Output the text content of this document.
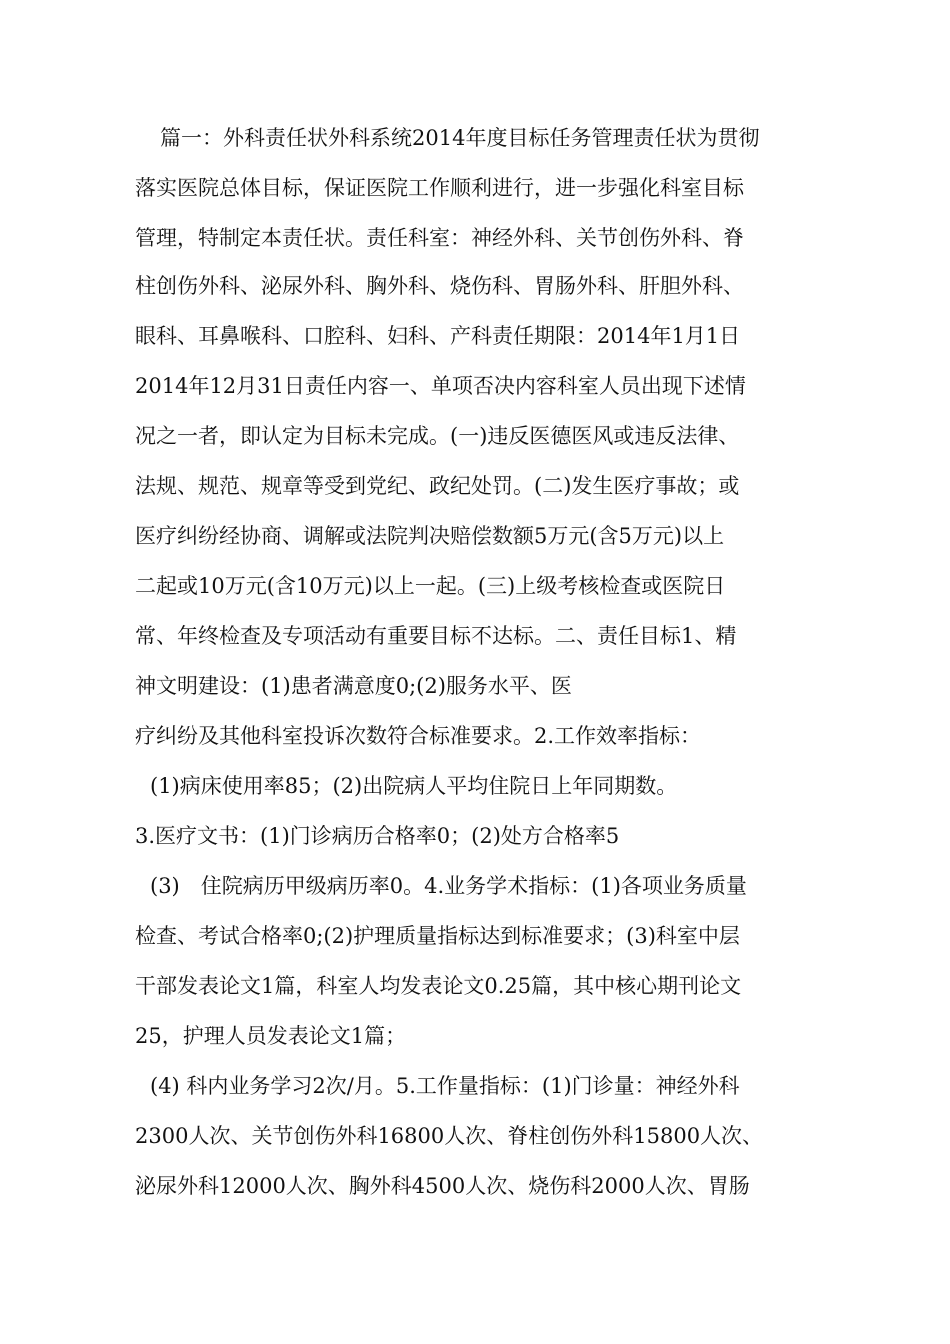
篇一：外科责任状外科系统2014年度目标任务管理责任状为贯彻
落实医院总体目标，保证医院工作顺利进行，进一步强化科室目标
管理，特制定本责任状。责任科室：神经外科、关节创伤外科、脊
柱创伤外科、泌尿外科、胸外科、烧伤科、胃肠外科、肝胆外科、
眼科、耳鼻喉科、口腔科、妇科、产科责任期限：2014年1月1日
2014年12月31日责任内容一、单项否决内容科室人员出现下述情
况之一者，即认定为目标未完成。(一)违反医德医风或违反法律、
法规、规范、规章等受到党纪、政纪处罚。(二)发生医疗事故；或
医疗纠纷经协商、调解或法院判决赔偿数额5万元(含5万元)以上
二起或10万元(含10万元)以上一起。(三)上级考核检查或医院日
常、年终检查及专项活动有重要目标不达标。二、责任目标1、精
神文明建设：(1)患者满意度0;(2)服务水平、医
疗纠纷及其他科室投诉次数符合标准要求。2.工作效率指标：
(1)病床使用率85；(2)出院病人平均住院日上年同期数。
3.医疗文书：(1)门诊病历合格率0；(2)处方合格率5
(3)　住院病历甲级病历率0。4.业务学术指标：(1)各项业务质量
检查、考试合格率0;(2)护理质量指标达到标准要求；(3)科室中层
干部发表论文1篇，科室人均发表论文0.25篇，其中核心期刊论文
25，护理人员发表论文1篇；
(4) 科内业务学习2次/月。5.工作量指标：(1)门诊量：神经外科
2300人次、关节创伤外科16800人次、脊柱创伤外科15800人次、
泌尿外科12000人次、胸外科4500人次、烧伤科2000人次、胃肠
